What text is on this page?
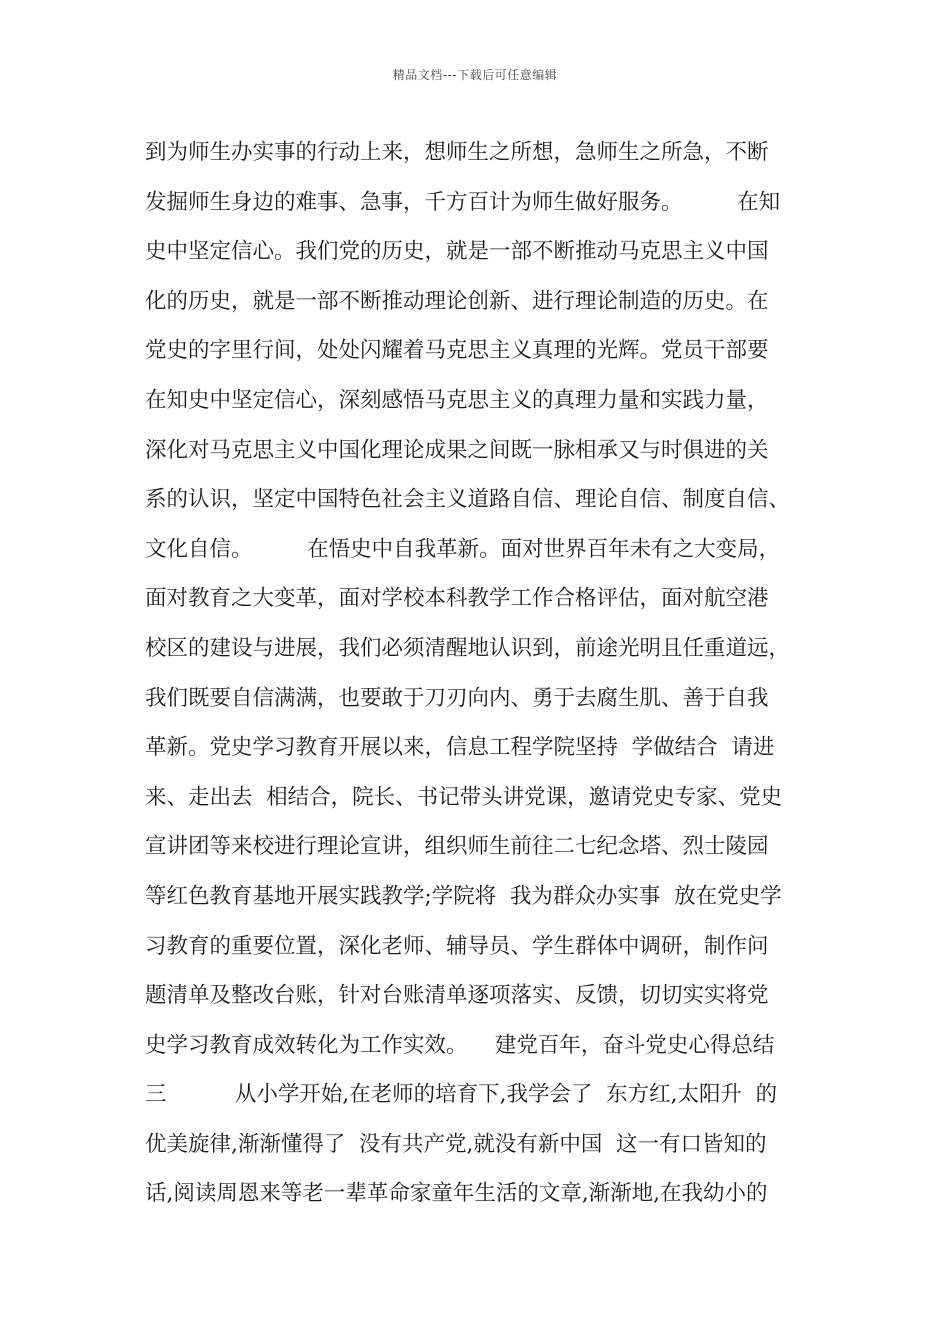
精品文档---下载后可任意编辑
到为师生办实事的行动上来，想师生之所想，急师生之所急，不断
发掘师生身边的难事、急事，千方百计为师生做好服务。        在知
史中坚定信心。我们党的历史，就是一部不断推动马克思主义中国
化的历史，就是一部不断推动理论创新、进行理论制造的历史。在
党史的字里行间，处处闪耀着马克思主义真理的光辉。党员干部要
在知史中坚定信心，深刻感悟马克思主义的真理力量和实践力量，
深化对马克思主义中国化理论成果之间既一脉相承又与时俱进的关
系的认识，坚定中国特色社会主义道路自信、理论自信、制度自信、
文化自信。        在悟史中自我革新。面对世界百年未有之大变局，
面对教育之大变革，面对学校本科教学工作合格评估，面对航空港
校区的建设与进展，我们必须清醒地认识到，前途光明且任重道远，
我们既要自信满满，也要敢于刀刃向内、勇于去腐生肌、善于自我
革新。党史学习教育开展以来，信息工程学院坚持  学做结合  请进
来、走出去  相结合，院长、书记带头讲党课，邀请党史专家、党史
宣讲团等来校进行理论宣讲，组织师生前往二七纪念塔、烈士陵园
等红色教育基地开展实践教学;学院将  我为群众办实事  放在党史学
习教育的重要位置，深化老师、辅导员、学生群体中调研，制作问
题清单及整改台账，针对台账清单逐项落实、反馈，切切实实将党
史学习教育成效转化为工作实效。    建党百年，奋斗党史心得总结
三          从小学开始,在老师的培育下,我学会了  东方红,太阳升  的
优美旋律,渐渐懂得了  没有共产党,就没有新中国  这一有口皆知的
话,阅读周恩来等老一辈革命家童年生活的文章,渐渐地,在我幼小的
